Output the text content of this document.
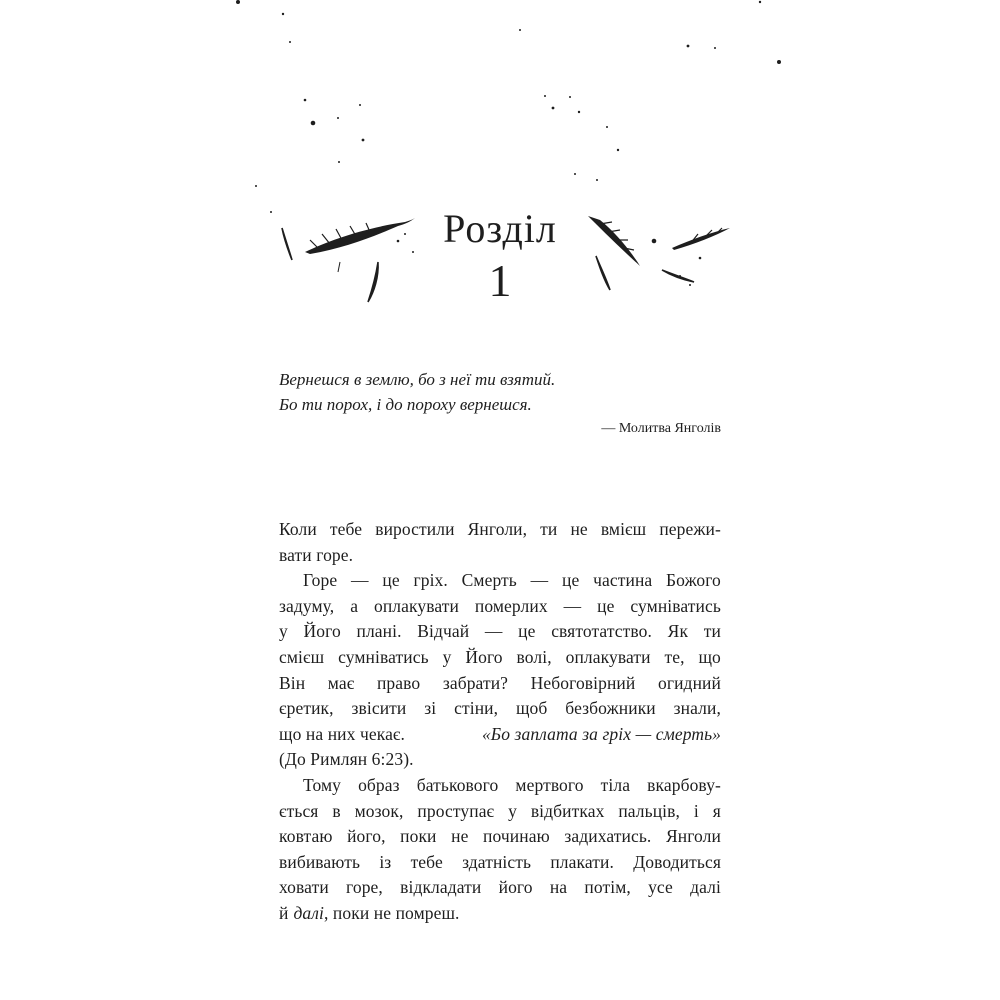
Розділ
1
Вернешся в землю, бо з неї ти взятий.
Бо ти порох, і до пороху вернешся.
— Молитва Янголів
Коли тебе виростили Янголи, ти не вмієш пережи-
вати горе.
Горе — це гріх. Смерть — це частина Божого
задуму, а оплакувати померлих — це сумніватись
у Його плані. Відчай — це святотатство. Як ти
смієш сумніватись у Його волі, оплакувати те, що
Він має право забрати? Небоговірний огидний
єретик, звісити зі стіни, щоб безбожники знали,
що на них чекає.	«Бо заплата за гріх — смерть»
(До Римлян 6:23).
Тому образ батькового мертвого тіла вкарбову-
ється в мозок, проступає у відбитках пальців, і я
ковтаю його, поки не починаю задихатись. Янголи
вибивають із тебе здатність плакати. Доводиться
ховати горе, відкладати його на потім, усе далі
й далі , поки не помреш.
